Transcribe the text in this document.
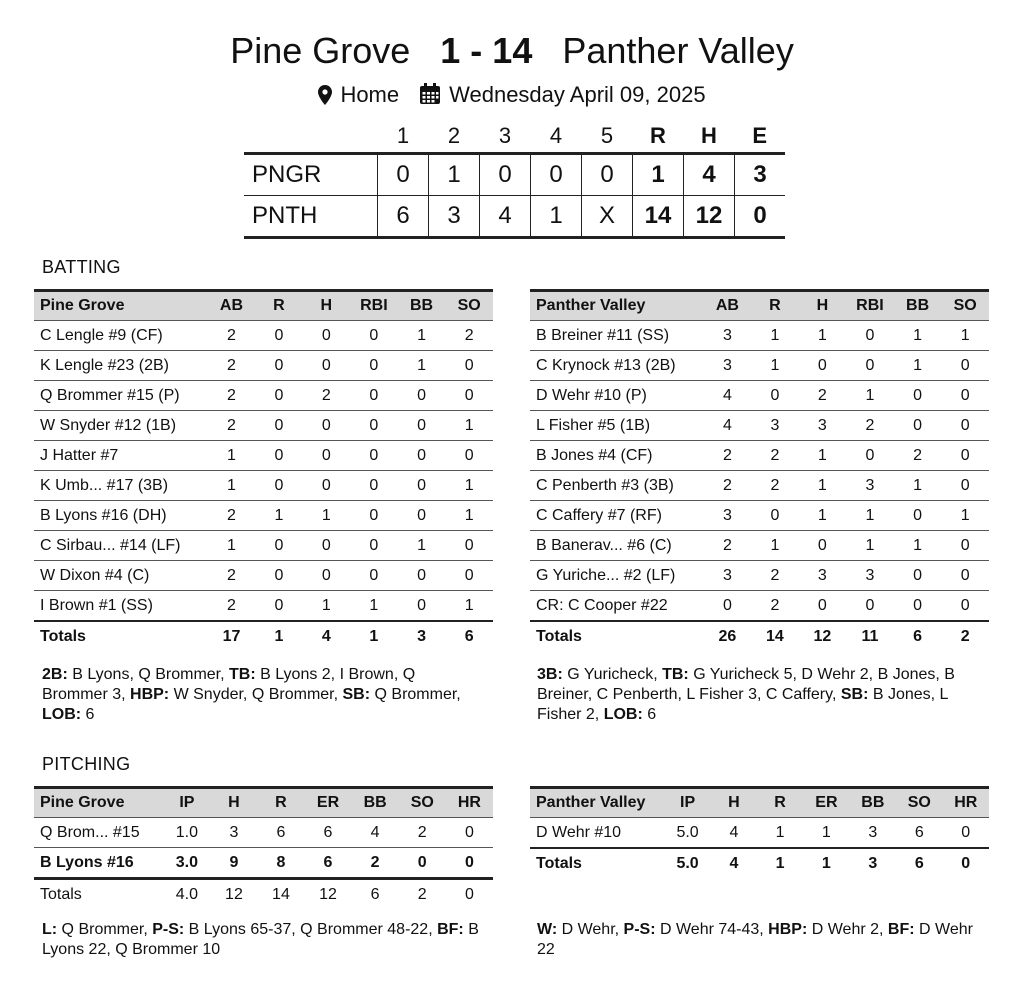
Pine Grove 1 - 14 Panther Valley
Home Wednesday April 09, 2025
	1	2	3	4	5	R	H	E
PNGR	0	1	0	0	0	1	4	3
PNTH	6	3	4	1	X	14	12	0
BATTING
Pine Grove	AB	R	H	RBI	BB	SO
C Lengle #9 (CF)	2	0	0	0	1	2
K Lengle #23 (2B)	2	0	0	0	1	0
Q Brommer #15 (P)	2	0	2	0	0	0
W Snyder #12 (1B)	2	0	0	0	0	1
J Hatter #7	1	0	0	0	0	0
K Umb... #17 (3B)	1	0	0	0	0	1
B Lyons #16 (DH)	2	1	1	0	0	1
C Sirbau... #14 (LF)	1	0	0	0	1	0
W Dixon #4 (C)	2	0	0	0	0	0
I Brown #1 (SS)	2	0	1	1	0	1
Totals	17	1	4	1	3	6
Panther Valley	AB	R	H	RBI	BB	SO
B Breiner #11 (SS)	3	1	1	0	1	1
C Krynock #13 (2B)	3	1	0	0	1	0
D Wehr #10 (P)	4	0	2	1	0	0
L Fisher #5 (1B)	4	3	3	2	0	0
B Jones #4 (CF)	2	2	1	0	2	0
C Penberth #3 (3B)	2	2	1	3	1	0
C Caffery #7 (RF)	3	0	1	1	0	1
B Banerav... #6 (C)	2	1	0	1	1	0
G Yuriche... #2 (LF)	3	2	3	3	0	0
CR: C Cooper #22	0	2	0	0	0	0
Totals	26	14	12	11	6	2
2B: B Lyons, Q Brommer, TB: B Lyons 2, I Brown, Q Brommer 3, HBP: W Snyder, Q Brommer, SB: Q Brommer, LOB: 6
3B: G Yuricheck, TB: G Yuricheck 5, D Wehr 2, B Jones, B Breiner, C Penberth, L Fisher 3, C Caffery, SB: B Jones, L Fisher 2, LOB: 6
PITCHING
Pine Grove	IP	H	R	ER	BB	SO	HR
Q Brom... #15	1.0	3	6	6	4	2	0
B Lyons #16	3.0	9	8	6	2	0	0
Totals	4.0	12	14	12	6	2	0
Panther Valley	IP	H	R	ER	BB	SO	HR
D Wehr #10	5.0	4	1	1	3	6	0
Totals	5.0	4	1	1	3	6	0
L: Q Brommer, P-S: B Lyons 65-37, Q Brommer 48-22, BF: B Lyons 22, Q Brommer 10
W: D Wehr, P-S: D Wehr 74-43, HBP: D Wehr 2, BF: D Wehr 22
